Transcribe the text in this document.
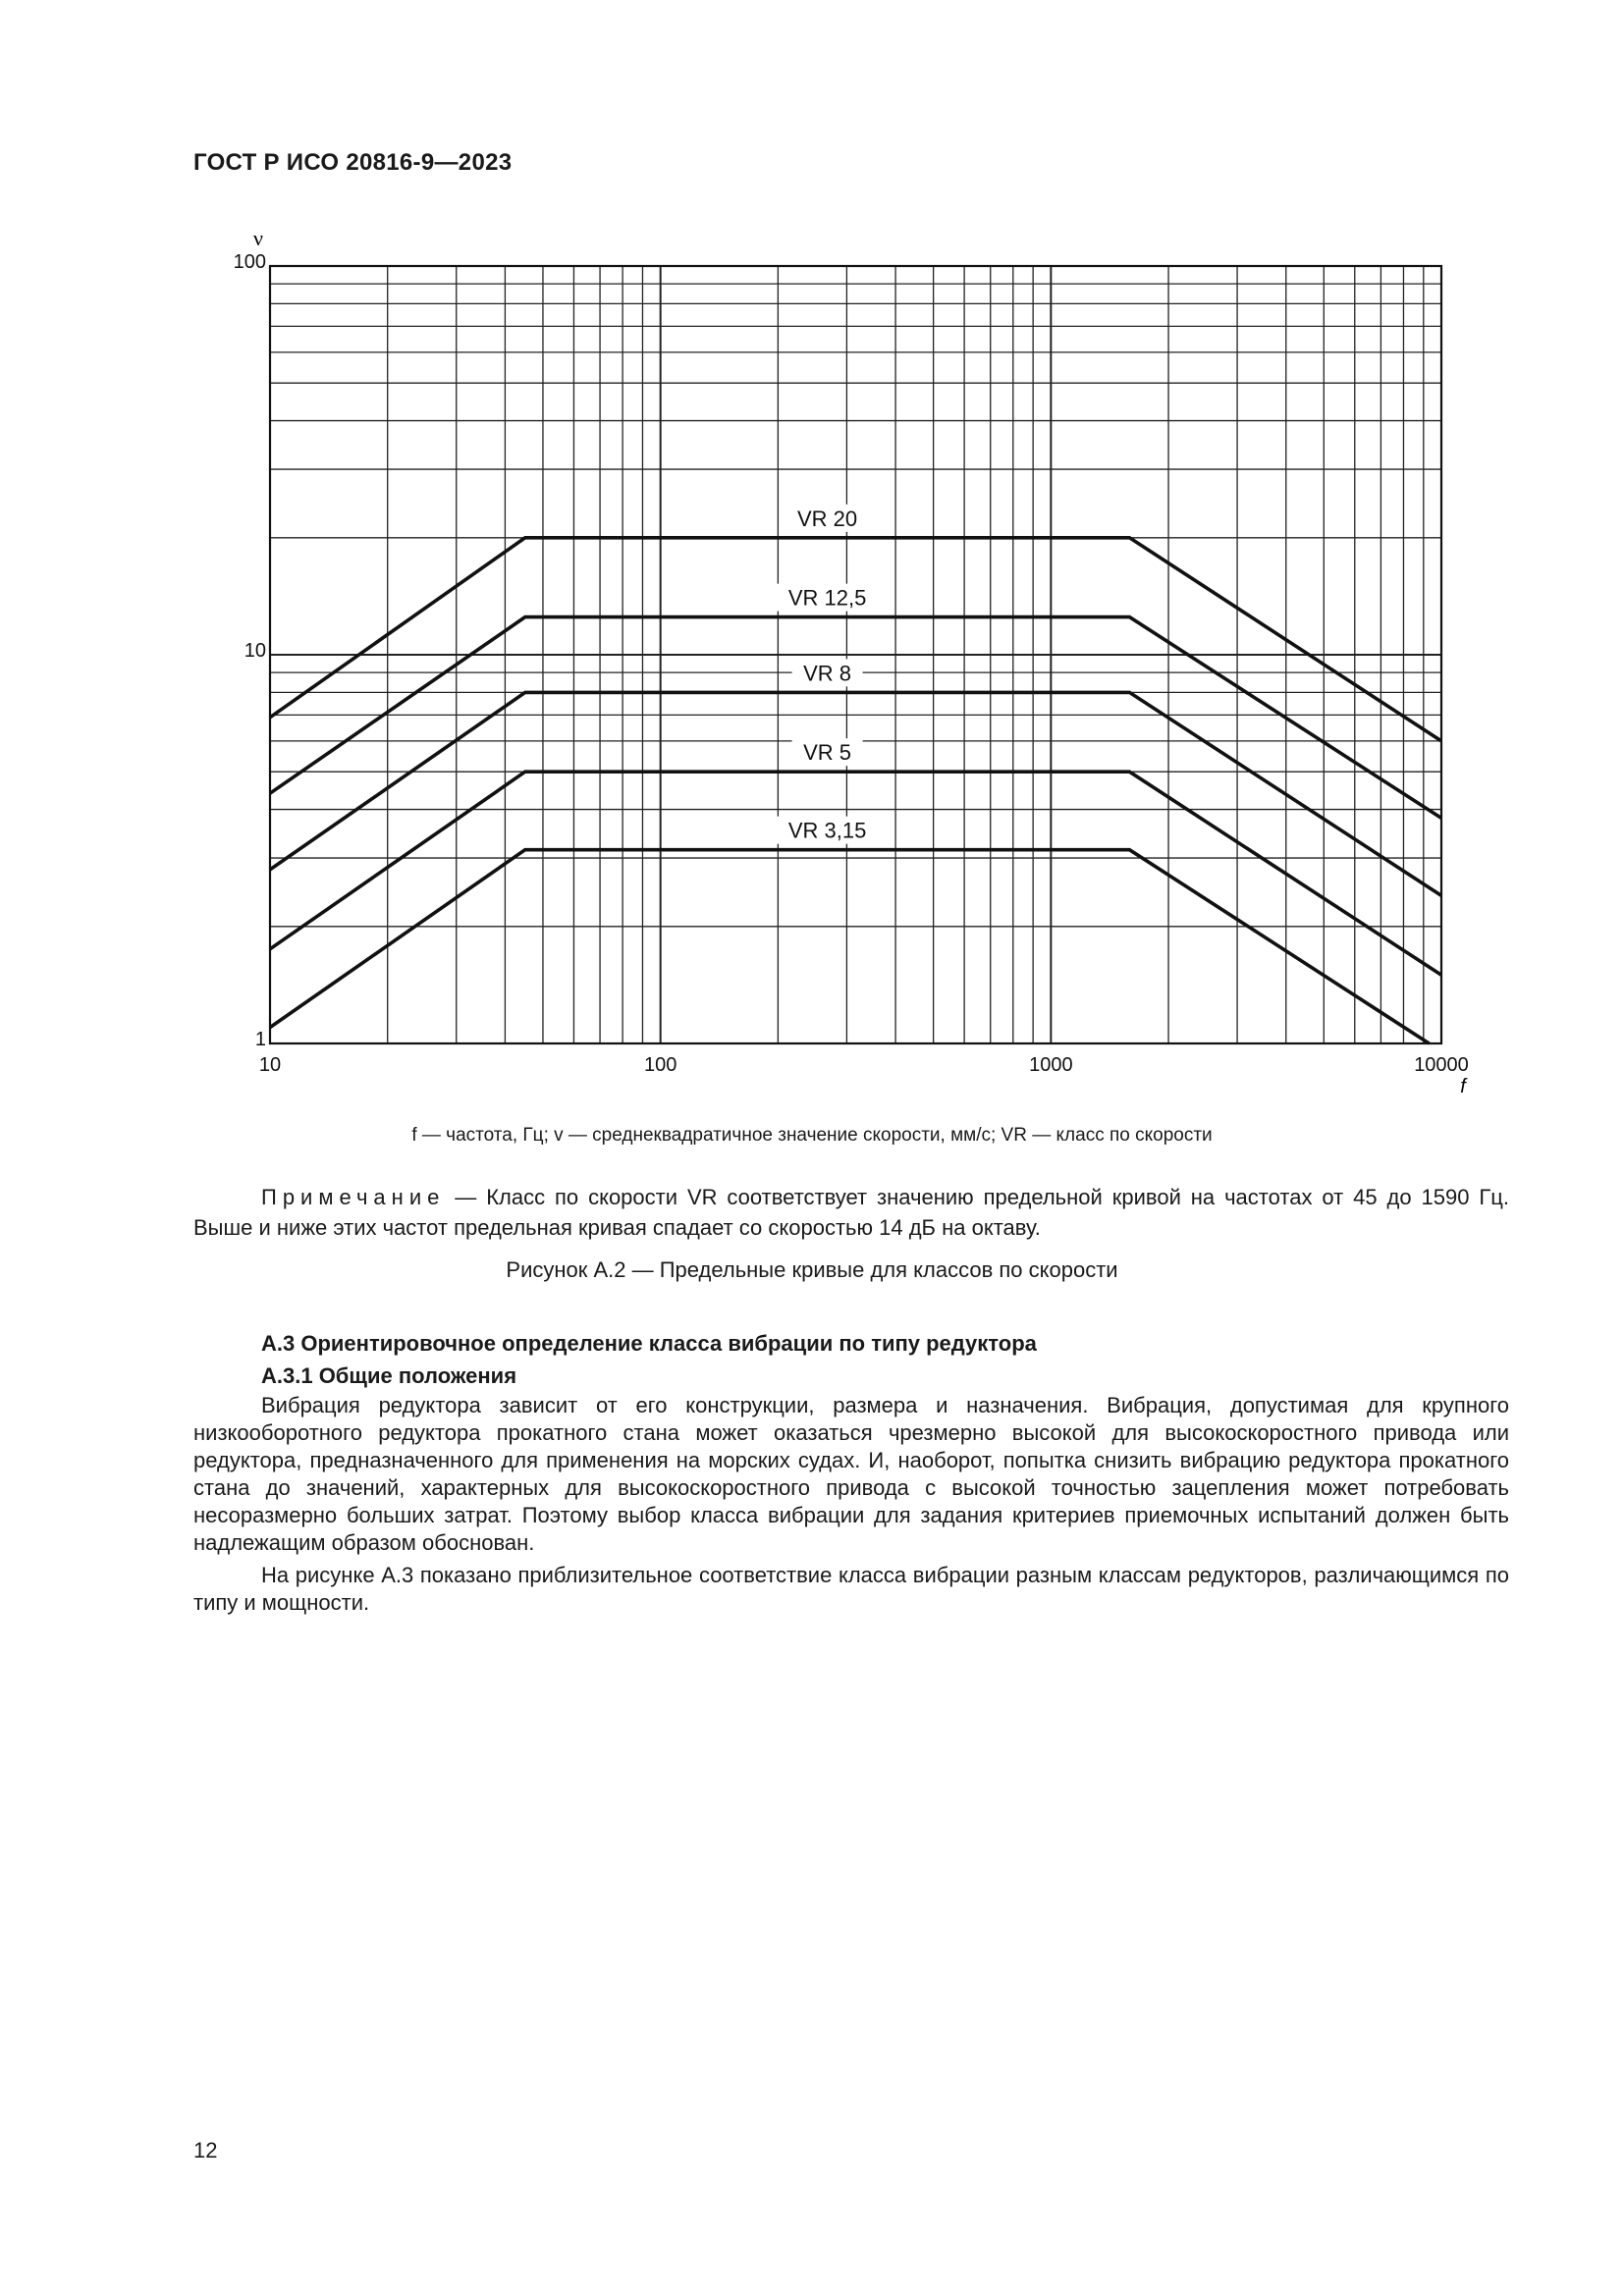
ГОСТ Р ИСО 20816-9—2023
VR 20
VR 12,5
VR 8
VR 5
VR 3,15
10	100	1000	10000
1
10
100
f
ν
f — частота, Гц; v — среднеквадратичное значение скорости, мм/с; VR — класс по скорости
Примечание — Класс по скорости VR соответствует значению предельной кривой на частотах от 45 до 1590 Гц. Выше и ниже этих частот предельная кривая спадает со скоростью 14 дБ на октаву.
Рисунок А.2 — Предельные кривые для классов по скорости
А.3 Ориентировочное определение класса вибрации по типу редуктора
А.3.1 Общие положения
Вибрация редуктора зависит от его конструкции, размера и назначения. Вибрация, допустимая для крупного низкооборотного редуктора прокатного стана может оказаться чрезмерно высокой для высокоскоростного привода или редуктора, предназначенного для применения на морских судах. И, наоборот, попытка снизить вибрацию редуктора прокатного стана до значений, характерных для высокоскоростного привода с высокой точностью зацепления может потребовать несоразмерно больших затрат. Поэтому выбор класса вибрации для задания критериев приемочных испытаний должен быть надлежащим образом обоснован.
На рисунке А.3 показано приблизительное соответствие класса вибрации разным классам редукторов, различающимся по типу и мощности.
12
